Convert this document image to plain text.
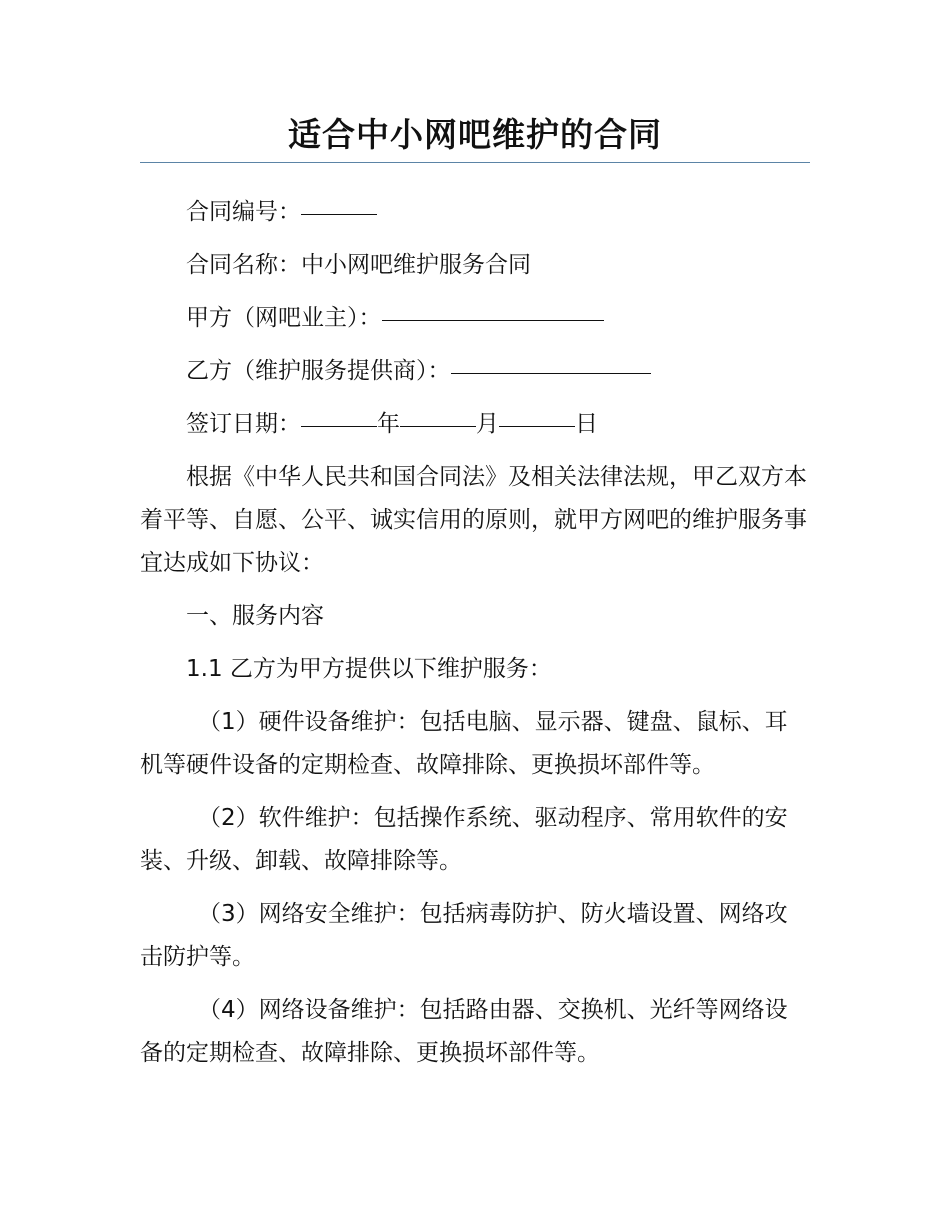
适合中小网吧维护的合同

合同编号：

合同名称：中小网吧维护服务合同

甲方（网吧业主）：

乙方（维护服务提供商）：

签订日期：	年	月	日

根据《中华人民共和国合同法》及相关法律法规，甲乙双方本着平等、自愿、公平、诚实信用的原则，就甲方网吧的维护服务事宜达成如下协议：

一、服务内容

1.1 乙方为甲方提供以下维护服务：

（1）硬件设备维护：包括电脑、显示器、键盘、鼠标、耳机等硬件设备的定期检查、故障排除、更换损坏部件等。

（2）软件维护：包括操作系统、驱动程序、常用软件的安装、升级、卸载、故障排除等。

（3）网络安全维护：包括病毒防护、防火墙设置、网络攻击防护等。

（4）网络设备维护：包括路由器、交换机、光纤等网络设备的定期检查、故障排除、更换损坏部件等。
